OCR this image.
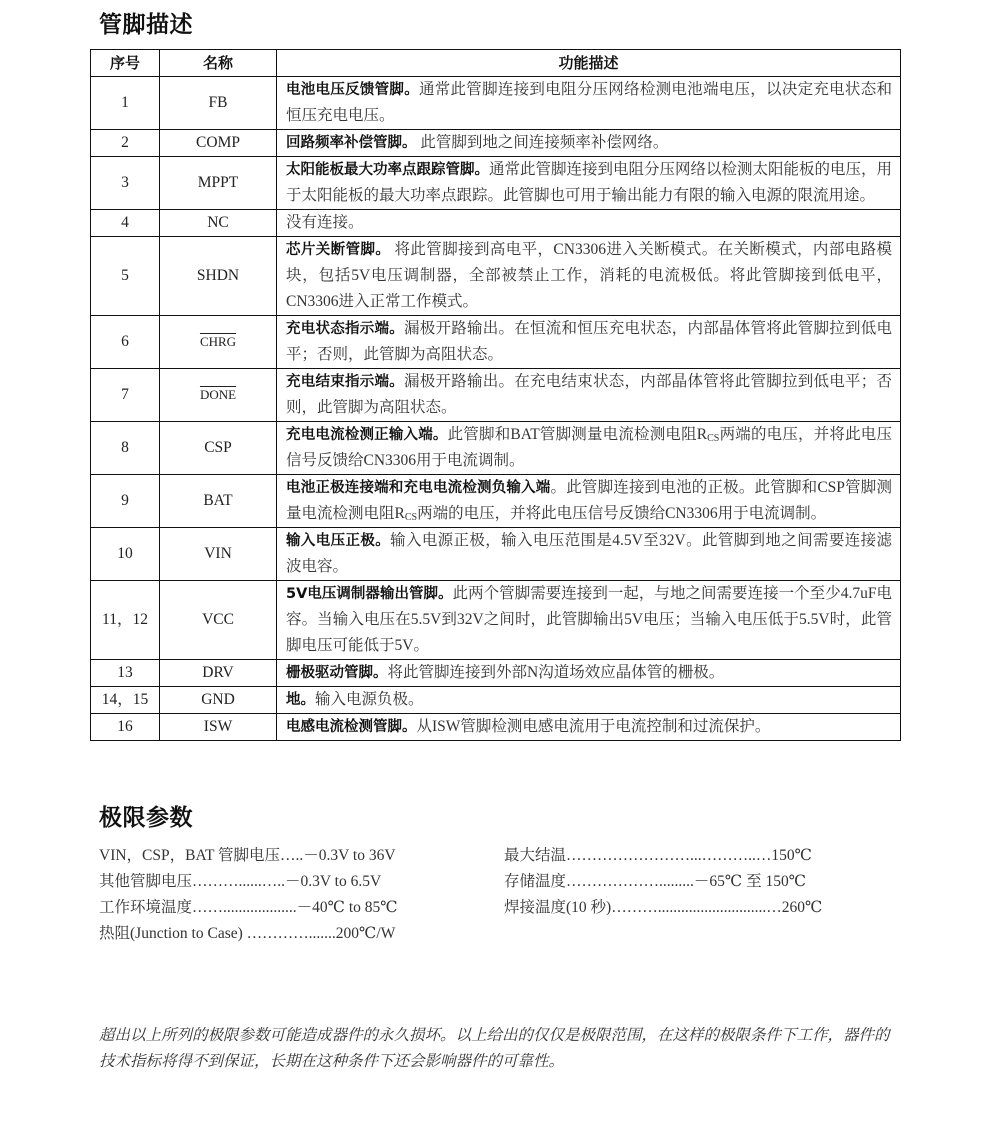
管脚描述
序号	名称	功能描述
1	FB	电池电压反馈管脚。通常此管脚连接到电阻分压网络检测电池端电压，以决定充电状态和恒压充电电压。
2	COMP	回路频率补偿管脚。 此管脚到地之间连接频率补偿网络。
3	MPPT	太阳能板最大功率点跟踪管脚。通常此管脚连接到电阻分压网络以检测太阳能板的电压，用于太阳能板的最大功率点跟踪。此管脚也可用于输出能力有限的输入电源的限流用途。
4	NC	没有连接。
5	SHDN	芯片关断管脚。 将此管脚接到高电平，CN3306进入关断模式。在关断模式，内部电路模块，包括5V电压调制器，全部被禁止工作，消耗的电流极低。将此管脚接到低电平，CN3306进入正常工作模式。
6	CHRG	充电状态指示端。漏极开路输出。在恒流和恒压充电状态，内部晶体管将此管脚拉到低电平；否则，此管脚为高阻状态。
7	DONE	充电结束指示端。漏极开路输出。在充电结束状态，内部晶体管将此管脚拉到低电平；否则，此管脚为高阻状态。
8	CSP	充电电流检测正输入端。此管脚和BAT管脚测量电流检测电阻$R_{CS}$两端的电压，并将此电压信号反馈给CN3306用于电流调制。
9	BAT	电池正极连接端和充电电流检测负输入端。此管脚连接到电池的正极。此管脚和CSP管脚测量电流检测电阻$R_{CS}$两端的电压，并将此电压信号反馈给CN3306用于电流调制。
10	VIN	输入电压正极。输入电源正极，输入电压范围是4.5V至32V。此管脚到地之间需要连接滤波电容。
11，12	VCC	5V电压调制器输出管脚。此两个管脚需要连接到一起，与地之间需要连接一个至少4.7uF电容。当输入电压在5.5V到32V之间时，此管脚输出5V电压；当输入电压低于5.5V时，此管脚电压可能低于5V。
13	DRV	栅极驱动管脚。将此管脚连接到外部N沟道场效应晶体管的栅极。
14，15	GND	地。输入电源负极。
16	ISW	电感电流检测管脚。从ISW管脚检测电感电流用于电流控制和过流保护。
极限参数
VIN，CSP，BAT 管脚电压…..－0.3V to 36V
其他管脚电压………......…..－0.3V to 6.5V
工作环境温度……...................－40℃ to 85℃
热阻(Junction to Case) ………….......200℃/W
最大结温……………………...………..…150℃
存储温度……………….........－65℃ 至 150℃
焊接温度(10 秒)………............................…260℃
超出以上所列的极限参数可能造成器件的永久损坏。以上给出的仅仅是极限范围，在这样的极限条件下工作，器件的技术指标将得不到保证，长期在这种条件下还会影响器件的可靠性。
